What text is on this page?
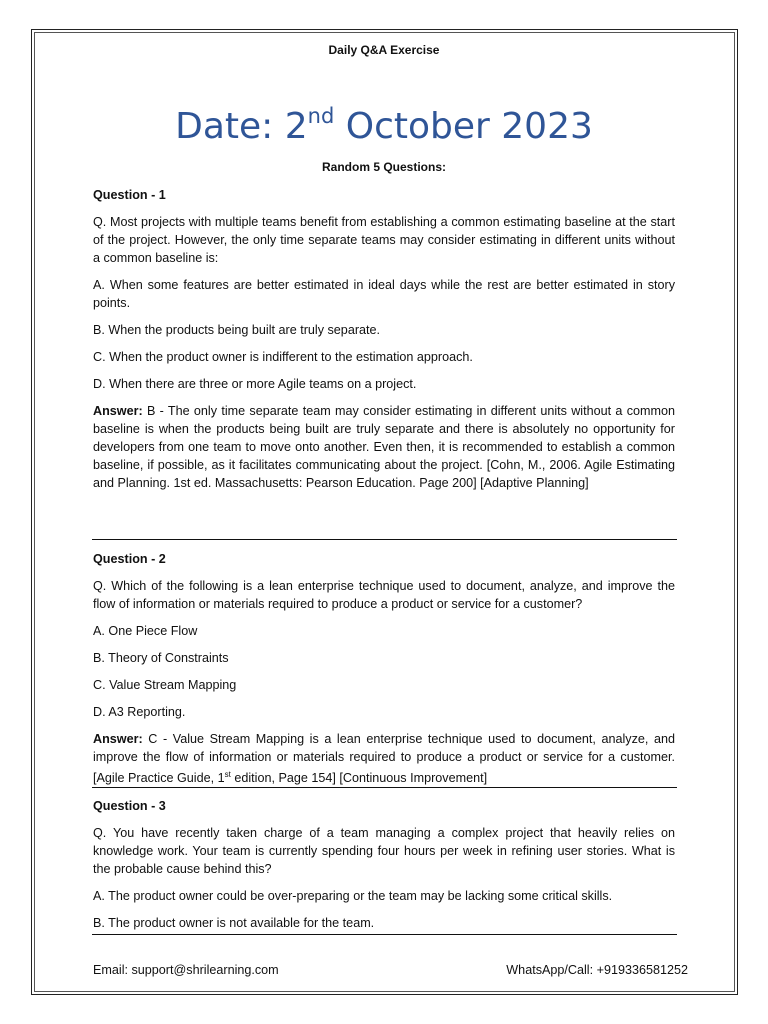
Daily Q&A Exercise
Date: 2nd October 2023
Random 5 Questions:

Question - 1

Q. Most projects with multiple teams benefit from establishing a common estimating baseline at the start of the project. However, the only time separate teams may consider estimating in different units without a common baseline is:

A. When some features are better estimated in ideal days while the rest are better estimated in story points.

B. When the products being built are truly separate.

C. When the product owner is indifferent to the estimation approach.

D. When there are three or more Agile teams on a project.

Answer: B - The only time separate team may consider estimating in different units without a common baseline is when the products being built are truly separate and there is absolutely no opportunity for developers from one team to move onto another. Even then, it is recommended to establish a common baseline, if possible, as it facilitates communicating about the project. [Cohn, M., 2006. Agile Estimating and Planning. 1st ed. Massachusetts: Pearson Education. Page 200] [Adaptive Planning]

Question - 2

Q. Which of the following is a lean enterprise technique used to document, analyze, and improve the flow of information or materials required to produce a product or service for a customer?

A. One Piece Flow

B. Theory of Constraints

C. Value Stream Mapping

D. A3 Reporting.

Answer: C - Value Stream Mapping is a lean enterprise technique used to document, analyze, and improve the flow of information or materials required to produce a product or service for a customer. [Agile Practice Guide, 1st edition, Page 154] [Continuous Improvement]

Question - 3

Q. You have recently taken charge of a team managing a complex project that heavily relies on knowledge work. Your team is currently spending four hours per week in refining user stories. What is the probable cause behind this?

A. The product owner could be over-preparing or the team may be lacking some critical skills.

B. The product owner is not available for the team.

Email: support@shrilearning.com	WhatsApp/Call: +919336581252
